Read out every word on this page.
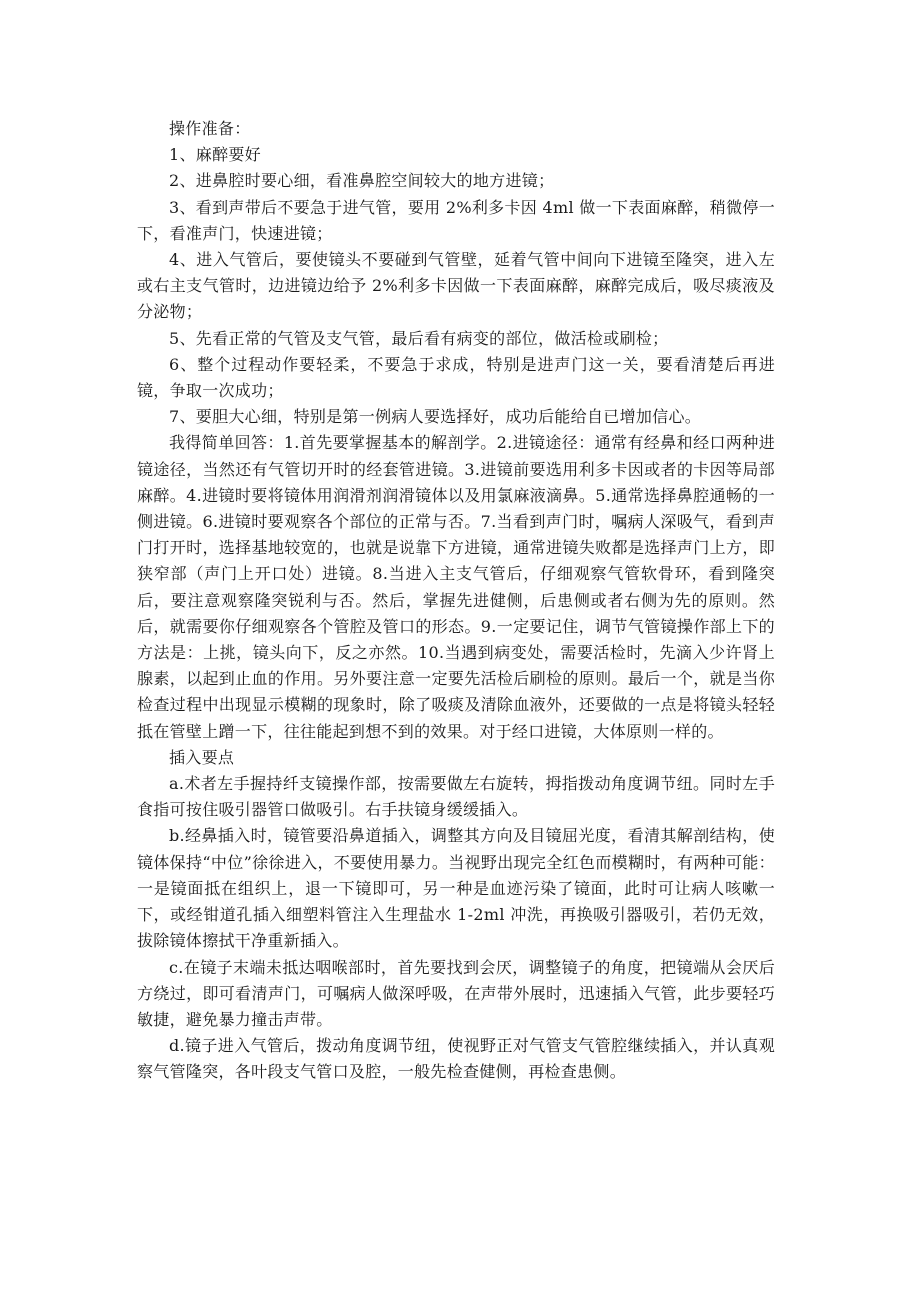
操作准备：

1、麻醉要好

2、进鼻腔时要心细，看准鼻腔空间较大的地方进镜；

3、看到声带后不要急于进气管，要用 2%利多卡因 4ml 做一下表面麻醉，稍微停一下，看准声门，快速进镜；

4、进入气管后，要使镜头不要碰到气管壁，延着气管中间向下进镜至隆突，进入左或右主支气管时，边进镜边给予 2%利多卡因做一下表面麻醉，麻醉完成后，吸尽痰液及分泌物；

5、先看正常的气管及支气管，最后看有病变的部位，做活检或刷检；

6、整个过程动作要轻柔，不要急于求成，特别是进声门这一关，要看清楚后再进镜，争取一次成功；

7、要胆大心细，特别是第一例病人要选择好，成功后能给自已增加信心。

我得简单回答：1.首先要掌握基本的解剖学。2.进镜途径：通常有经鼻和经口两种进镜途径，当然还有气管切开时的经套管进镜。3.进镜前要选用利多卡因或者的卡因等局部麻醉。4.进镜时要将镜体用润滑剂润滑镜体以及用氯麻液滴鼻。5.通常选择鼻腔通畅的一侧进镜。6.进镜时要观察各个部位的正常与否。7.当看到声门时，嘱病人深吸气，看到声门打开时，选择基地较宽的，也就是说靠下方进镜，通常进镜失败都是选择声门上方，即狭窄部（声门上开口处）进镜。8.当进入主支气管后，仔细观察气管软骨环，看到隆突后，要注意观察隆突锐利与否。然后，掌握先进健侧，后患侧或者右侧为先的原则。然后，就需要你仔细观察各个管腔及管口的形态。9.一定要记住，调节气管镜操作部上下的方法是：上挑，镜头向下，反之亦然。10.当遇到病变处，需要活检时，先滴入少许肾上腺素，以起到止血的作用。另外要注意一定要先活检后刷检的原则。最后一个，就是当你检查过程中出现显示模糊的现象时，除了吸痰及清除血液外，还要做的一点是将镜头轻轻抵在管壁上蹭一下，往往能起到想不到的效果。对于经口进镜，大体原则一样的。

插入要点

a.术者左手握持纤支镜操作部，按需要做左右旋转，拇指拨动角度调节纽。同时左手食指可按住吸引器管口做吸引。右手扶镜身缓缓插入。

b.经鼻插入时，镜管要沿鼻道插入，调整其方向及目镜屈光度，看清其解剖结构，使镜体保持“中位”徐徐进入，不要使用暴力。当视野出现完全红色而模糊时，有两种可能：一是镜面抵在组织上，退一下镜即可，另一种是血迹污染了镜面，此时可让病人咳嗽一下，或经钳道孔插入细塑料管注入生理盐水 1-2ml 冲洗，再换吸引器吸引，若仍无效，拔除镜体擦拭干净重新插入。

c.在镜子末端未抵达咽喉部时，首先要找到会厌，调整镜子的角度，把镜端从会厌后方绕过，即可看清声门，可嘱病人做深呼吸，在声带外展时，迅速插入气管，此步要轻巧敏捷，避免暴力撞击声带。

d.镜子进入气管后，拨动角度调节纽，使视野正对气管支气管腔继续插入，并认真观察气管隆突，各叶段支气管口及腔，一般先检查健侧，再检查患侧。
